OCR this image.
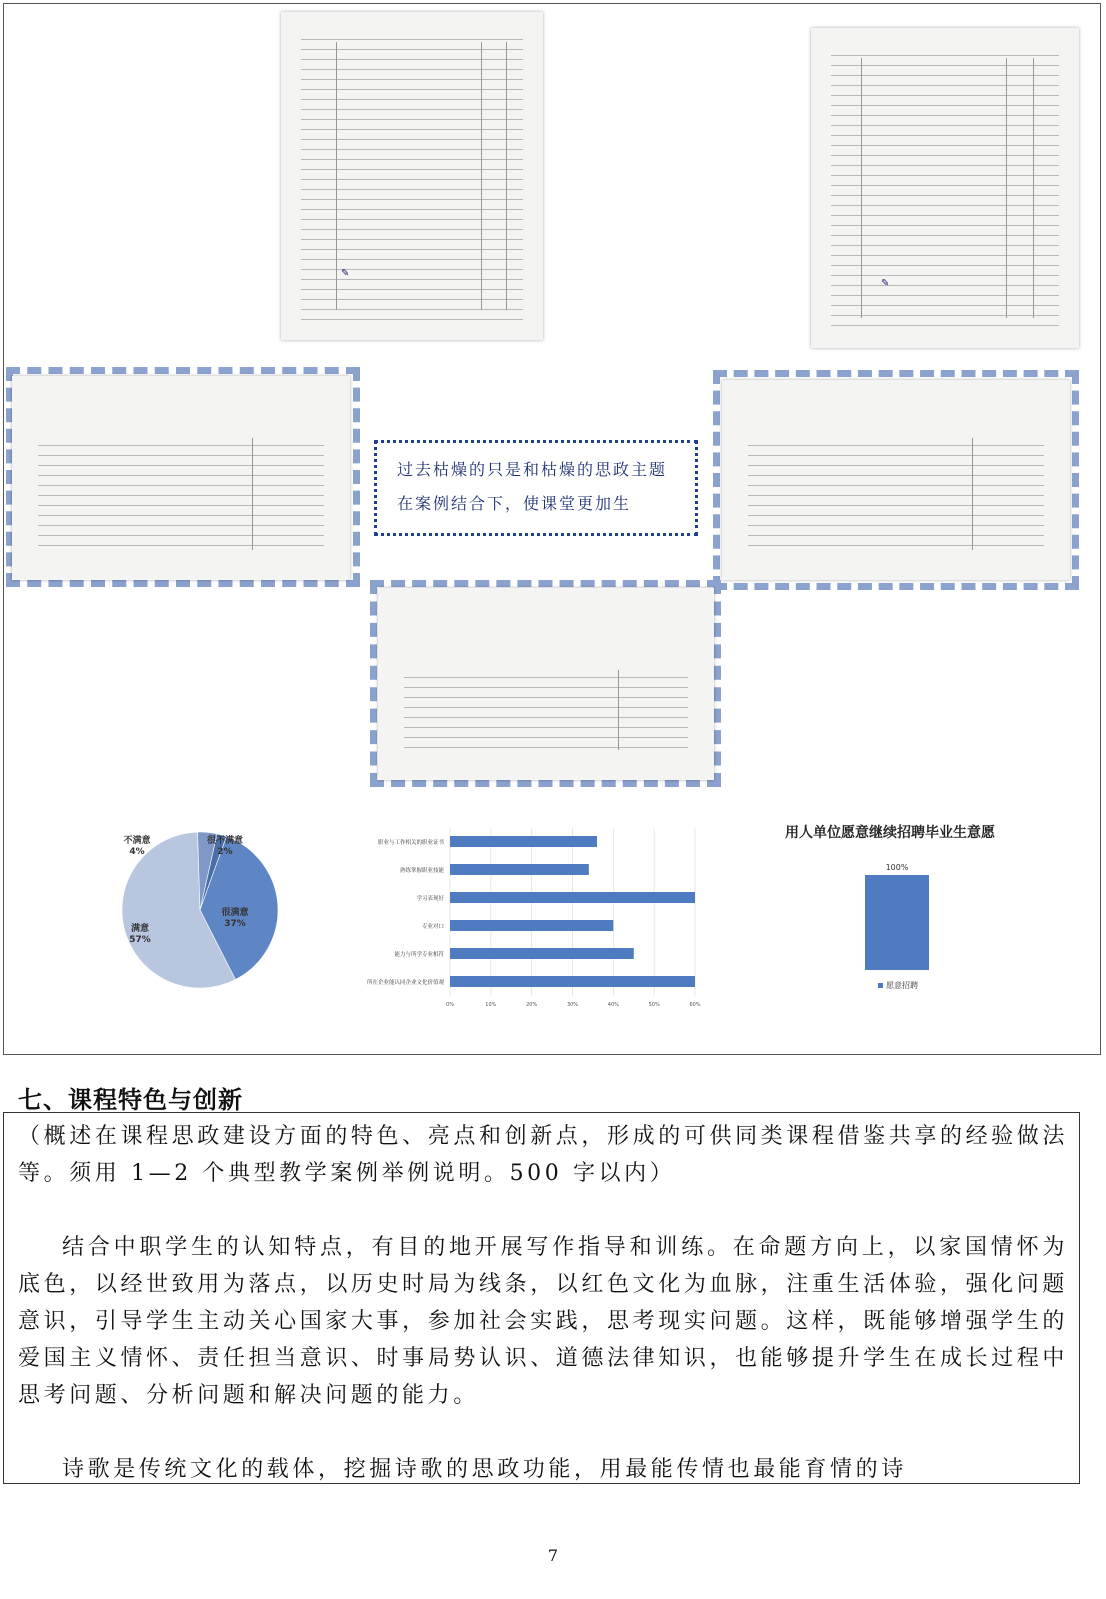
✎
✎
过去枯燥的只是和枯燥的思政主题在案例结合下，使课堂更加生
很不满意
2%
很满意
37%
满意
57%
不满意
4%
0%	10%	20%	30%	40%	50%	60%
职业与工作相关的职业证书
熟练掌握职业技能
学习表现好
专业对口
能力与所学专业相符
所在企业能认同企业文化价值观
用人单位愿意继续招聘毕业生意愿
100%
愿意招聘
七、课程特色与创新
（概述在课程思政建设方面的特色、亮点和创新点，形成的可供同类课程借鉴共享的经验做法等。须用 1—2 个典型教学案例举例说明。500 字以内）
结合中职学生的认知特点，有目的地开展写作指导和训练。在命题方向上，以家国情怀为底色，以经世致用为落点，以历史时局为线条，以红色文化为血脉，注重生活体验，强化问题意识，引导学生主动关心国家大事，参加社会实践，思考现实问题。这样，既能够增强学生的爱国主义情怀、责任担当意识、时事局势认识、道德法律知识，也能够提升学生在成长过程中思考问题、分析问题和解决问题的能力。
诗歌是传统文化的载体，挖掘诗歌的思政功能，用最能传情也最能育情的诗
7
